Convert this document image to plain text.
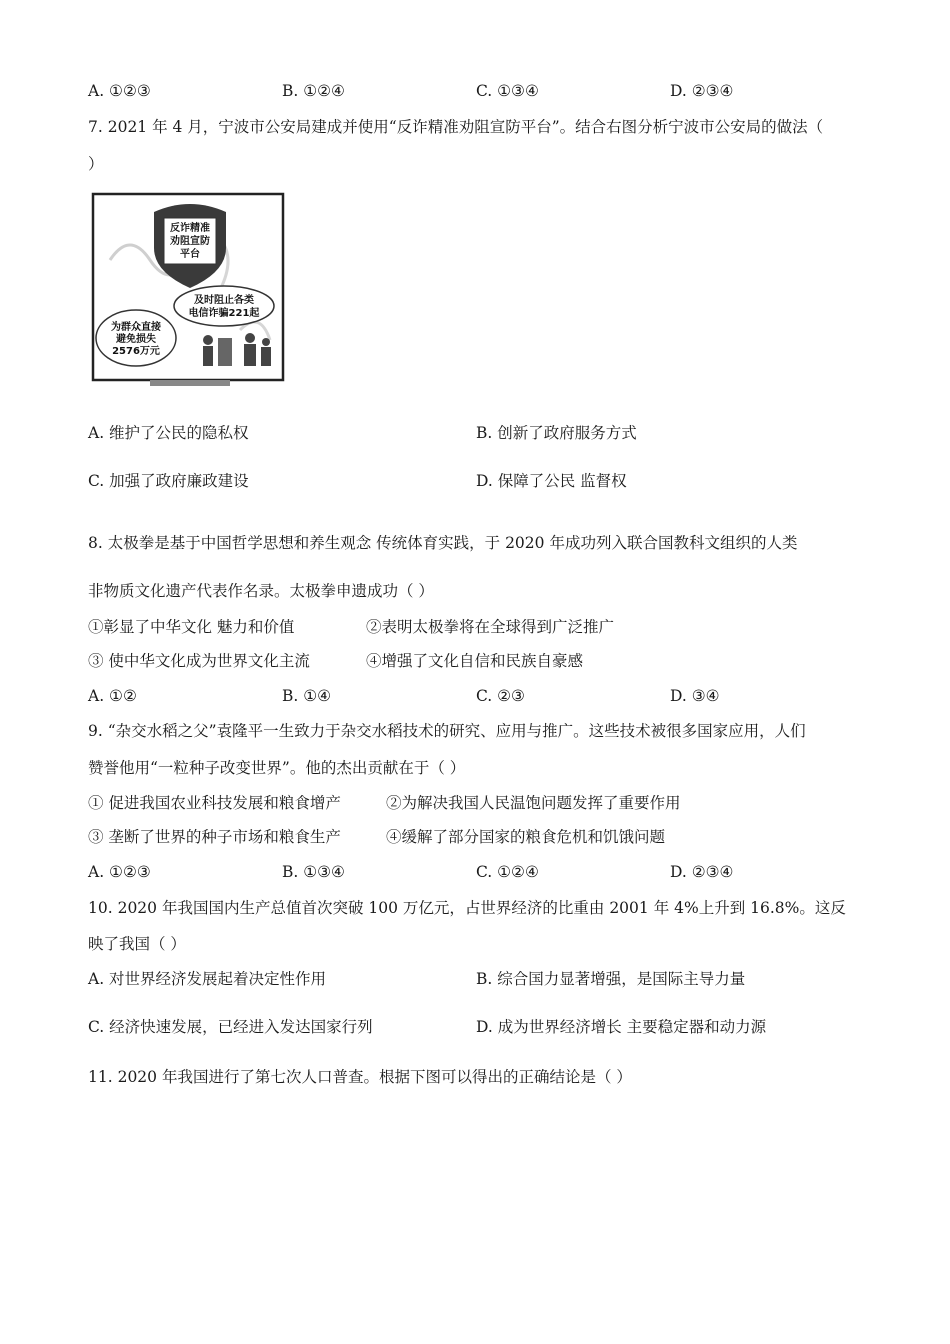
A. ①②③	B. ①②④	C. ①③④	D. ②③④
7. 2021 年 4 月，宁波市公安局建成并使用“反诈精准劝阻宣防平台”。结合右图分析宁波市公安局的做法（
）
反诈精准
劝阻宣防
平台
及时阻止各类
电信诈骗221起
为群众直接
避免损失
2576万元
A. 维护了公民的隐私权	B. 创新了政府服务方式
C. 加强了政府廉政建设	D. 保障了公民 监督权
8. 太极拳是基于中国哲学思想和养生观念 传统体育实践，于 2020 年成功列入联合国教科文组织的人类
非物质文化遗产代表作名录。太极拳申遗成功（ ）
①彰显了中华文化 魅力和价值	②表明太极拳将在全球得到广泛推广
③ 使中华文化成为世界文化主流	④增强了文化自信和民族自豪感
A. ①②	B. ①④	C. ②③	D. ③④
9. “杂交水稻之父”袁隆平一生致力于杂交水稻技术的研究、应用与推广。这些技术被很多国家应用，人们
赞誉他用“一粒种子改变世界”。他的杰出贡献在于（ ）
① 促进我国农业科技发展和粮食增产	②为解决我国人民温饱问题发挥了重要作用
③ 垄断了世界的种子市场和粮食生产	④缓解了部分国家的粮食危机和饥饿问题
A. ①②③	B. ①③④	C. ①②④	D. ②③④
10. 2020 年我国国内生产总值首次突破 100 万亿元，占世界经济的比重由 2001 年 4%上升到 16.8%。这反
映了我国（ ）
A. 对世界经济发展起着决定性作用	B. 综合国力显著增强，是国际主导力量
C. 经济快速发展，已经进入发达国家行列	D. 成为世界经济增长 主要稳定器和动力源
11. 2020 年我国进行了第七次人口普查。根据下图可以得出的正确结论是（ ）
